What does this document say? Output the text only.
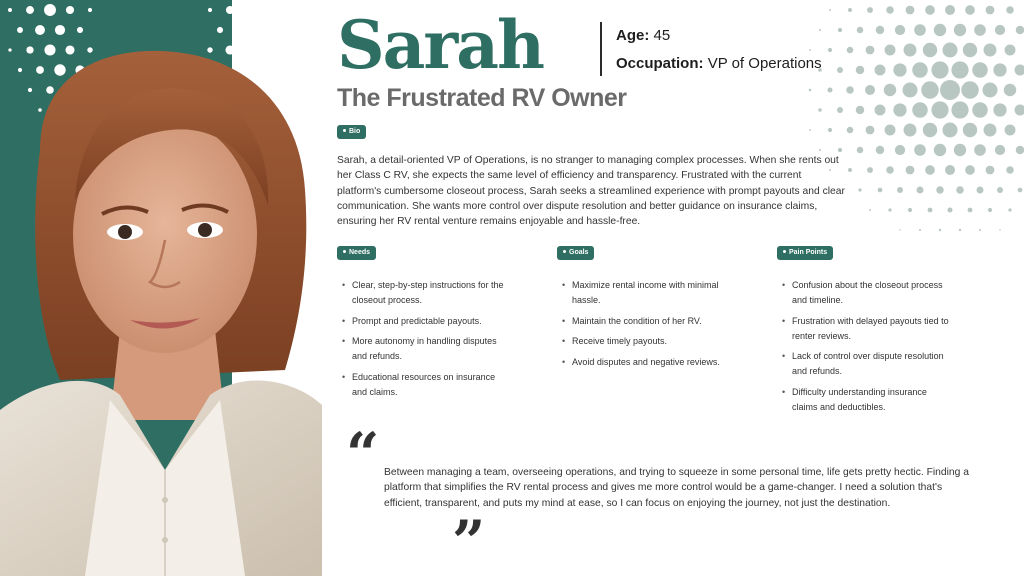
Sarah	Age: 45
Occupation: VP of Operations
The Frustrated RV Owner
Bio

Sarah, a detail-oriented VP of Operations, is no stranger to managing complex processes. When she rents out her Class C RV, she expects the same level of efficiency and transparency. Frustrated with the current platform's cumbersome closeout process, Sarah seeks a streamlined experience with prompt payouts and clear communication. She wants more control over dispute resolution and better guidance on insurance claims, ensuring her RV rental venture remains enjoyable and hassle-free.

Needs	Goals	Pain Points
• Clear, step-by-step instructions for the closeout process.
• Prompt and predictable payouts.
• More autonomy in handling disputes and refunds.
• Educational resources on insurance and claims.
• Maximize rental income with minimal hassle.
• Maintain the condition of her RV.
• Receive timely payouts.
• Avoid disputes and negative reviews.
• Confusion about the closeout process and timeline.
• Frustration with delayed payouts tied to renter reviews.
• Lack of control over dispute resolution and refunds.
• Difficulty understanding insurance claims and deductibles.
“ Between managing a team, overseeing operations, and trying to squeeze in some personal time, life gets pretty hectic. Finding a platform that simplifies the RV rental process and gives me more control would be a game-changer. I need a solution that's efficient, transparent, and puts my mind at ease, so I can focus on enjoying the journey, not just the destination.

”
